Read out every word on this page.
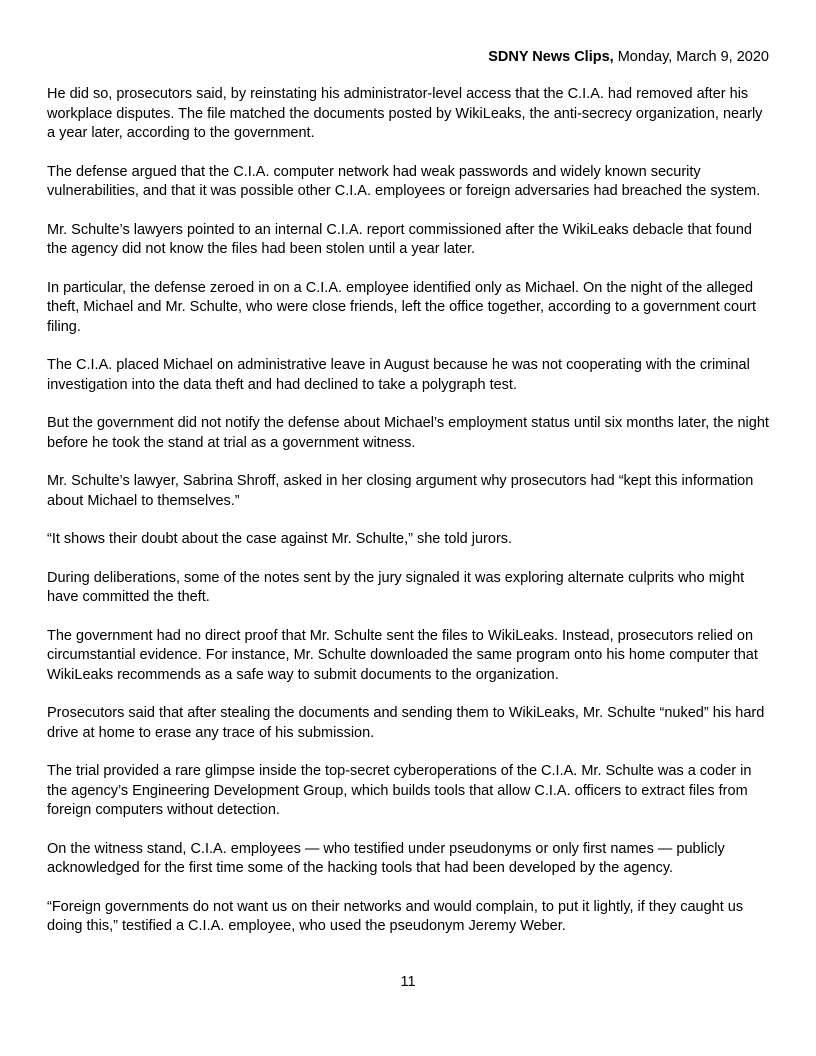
SDNY News Clips, Monday, March 9, 2020

He did so, prosecutors said, by reinstating his administrator-level access that the C.I.A. had removed after his workplace disputes. The file matched the documents posted by WikiLeaks, the anti-secrecy organization, nearly a year later, according to the government.

The defense argued that the C.I.A. computer network had weak passwords and widely known security vulnerabilities, and that it was possible other C.I.A. employees or foreign adversaries had breached the system.

Mr. Schulte’s lawyers pointed to an internal C.I.A. report commissioned after the WikiLeaks debacle that found the agency did not know the files had been stolen until a year later.

In particular, the defense zeroed in on a C.I.A. employee identified only as Michael. On the night of the alleged theft, Michael and Mr. Schulte, who were close friends, left the office together, according to a government court filing.

The C.I.A. placed Michael on administrative leave in August because he was not cooperating with the criminal investigation into the data theft and had declined to take a polygraph test.

But the government did not notify the defense about Michael’s employment status until six months later, the night before he took the stand at trial as a government witness.

Mr. Schulte’s lawyer, Sabrina Shroff, asked in her closing argument why prosecutors had “kept this information about Michael to themselves.”

“It shows their doubt about the case against Mr. Schulte,” she told jurors.

During deliberations, some of the notes sent by the jury signaled it was exploring alternate culprits who might have committed the theft.

The government had no direct proof that Mr. Schulte sent the files to WikiLeaks. Instead, prosecutors relied on circumstantial evidence. For instance, Mr. Schulte downloaded the same program onto his home computer that WikiLeaks recommends as a safe way to submit documents to the organization.

Prosecutors said that after stealing the documents and sending them to WikiLeaks, Mr. Schulte “nuked” his hard drive at home to erase any trace of his submission.

The trial provided a rare glimpse inside the top-secret cyberoperations of the C.I.A. Mr. Schulte was a coder in the agency’s Engineering Development Group, which builds tools that allow C.I.A. officers to extract files from foreign computers without detection.

On the witness stand, C.I.A. employees — who testified under pseudonyms or only first names — publicly acknowledged for the first time some of the hacking tools that had been developed by the agency.

“Foreign governments do not want us on their networks and would complain, to put it lightly, if they caught us doing this,” testified a C.I.A. employee, who used the pseudonym Jeremy Weber.

11
